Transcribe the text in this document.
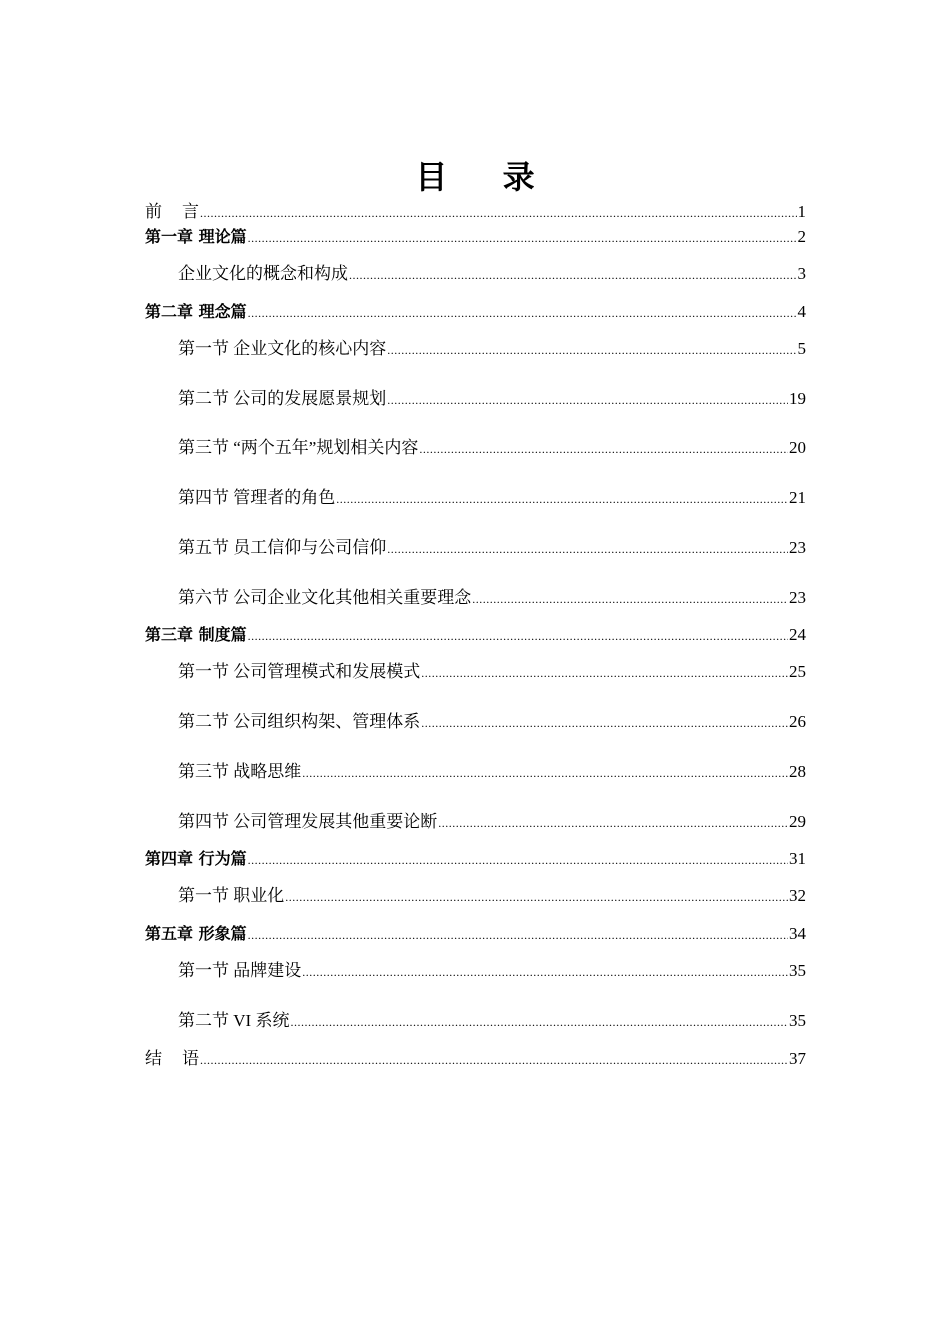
目 录
前言 .....	1
第一章 理论篇 .....	2
企业文化的概念和构成 .....	3
第二章 理念篇 .....	4
第一节 企业文化的核心内容 .....	5
第二节 公司的发展愿景规划 .....	19
第三节 “两个五年”规划相关内容 .....	20
第四节 管理者的角色 .....	21
第五节 员工信仰与公司信仰 .....	23
第六节 公司企业文化其他相关重要理念 .....	23
第三章 制度篇 .....	24
第一节 公司管理模式和发展模式 .....	25
第二节 公司组织构架、管理体系 .....	26
第三节 战略思维 .....	28
第四节 公司管理发展其他重要论断 .....	29
第四章 行为篇 .....	31
第一节 职业化 .....	32
第五章 形象篇 .....	34
第一节 品牌建设 .....	35
第二节 VI 系统 .....	35
结语 .....	37
